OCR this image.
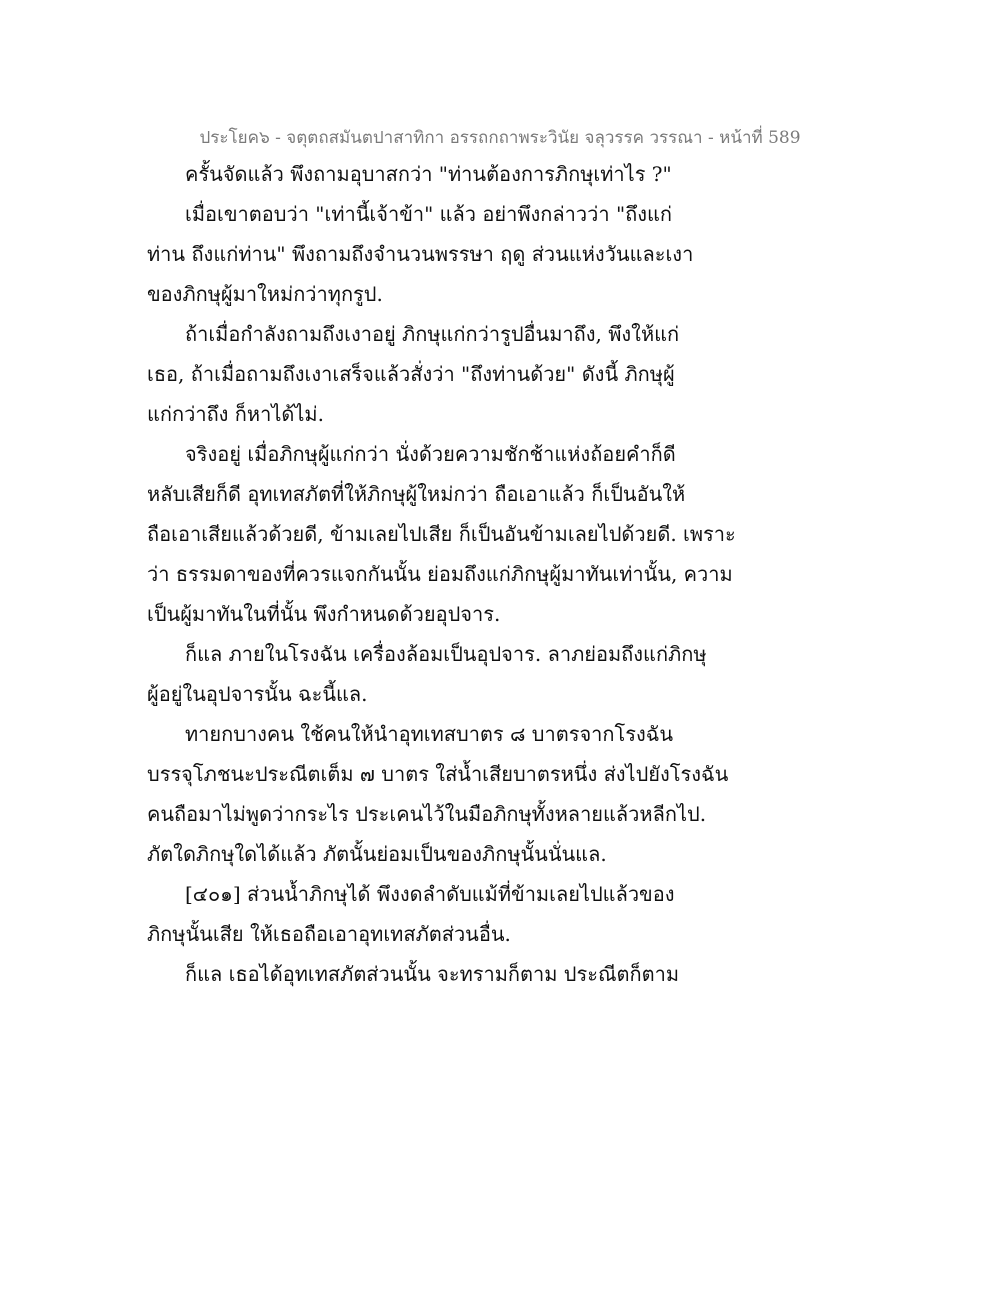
ประโยค๖ - จตุตถสมันตปาสาทิกา อรรถกถาพระวินัย จลุวรรค วรรณา - หน้าที่ 589
ครั้นจัดแล้ว พึงถามอุบาสกว่า "ท่านต้องการภิกษุเท่าไร ?"
เมื่อเขาตอบว่า "เท่านี้เจ้าข้า" แล้ว อย่าพึงกล่าวว่า "ถึงแก่
ท่าน ถึงแก่ท่าน" พึงถามถึงจำนวนพรรษา ฤดู ส่วนแห่งวันและเงา
ของภิกษุผู้มาใหม่กว่าทุกรูป.
ถ้าเมื่อกำลังถามถึงเงาอยู่ ภิกษุแก่กว่ารูปอื่นมาถึง, พึงให้แก่
เธอ, ถ้าเมื่อถามถึงเงาเสร็จแล้วสั่งว่า "ถึงท่านด้วย" ดังนี้ ภิกษุผู้
แก่กว่าถึง ก็หาได้ไม่.
จริงอยู่ เมื่อภิกษุผู้แก่กว่า นั่งด้วยความชักช้าแห่งถ้อยคำก็ดี
หลับเสียก็ดี อุทเทสภัตที่ให้ภิกษุผู้ใหม่กว่า ถือเอาแล้ว ก็เป็นอันให้
ถือเอาเสียแล้วด้วยดี, ข้ามเลยไปเสีย ก็เป็นอันข้ามเลยไปด้วยดี. เพราะ
ว่า ธรรมดาของที่ควรแจกกันนั้น ย่อมถึงแก่ภิกษุผู้มาทันเท่านั้น, ความ
เป็นผู้มาทันในที่นั้น พึงกำหนดด้วยอุปจาร.
ก็แล ภายในโรงฉัน เครื่องล้อมเป็นอุปจาร. ลาภย่อมถึงแก่ภิกษุ
ผู้อยู่ในอุปจารนั้น ฉะนี้แล.
ทายกบางคน ใช้คนให้นำอุทเทสบาตร ๘ บาตรจากโรงฉัน
บรรจุโภชนะประณีตเต็ม ๗ บาตร ใส่น้ำเสียบาตรหนึ่ง ส่งไปยังโรงฉัน
คนถือมาไม่พูดว่ากระไร ประเคนไว้ในมือภิกษุทั้งหลายแล้วหลีกไป.
ภัตใดภิกษุใดได้แล้ว ภัตนั้นย่อมเป็นของภิกษุนั้นนั่นแล.
[๔๐๑] ส่วนน้ำภิกษุได้ พึงงดลำดับแม้ที่ข้ามเลยไปแล้วของ
ภิกษุนั้นเสีย ให้เธอถือเอาอุทเทสภัตส่วนอื่น.
ก็แล เธอได้อุทเทสภัตส่วนนั้น จะทรามก็ตาม ประณีตก็ตาม
